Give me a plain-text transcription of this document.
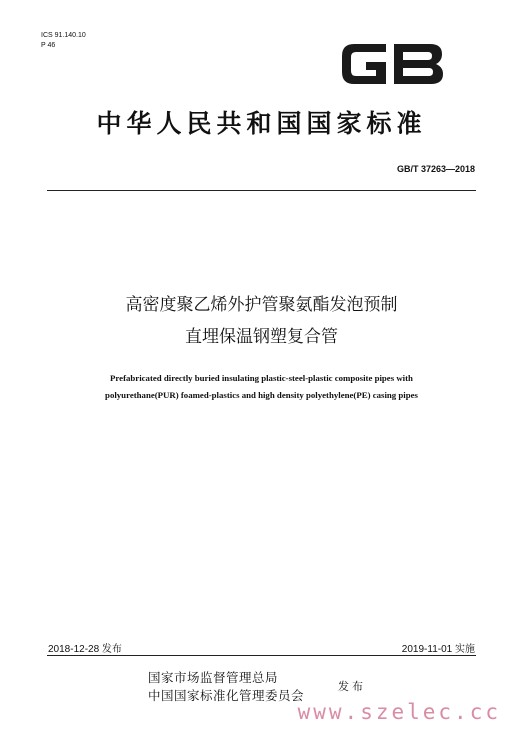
ICS 91.140.10
P 46
中华人民共和国国家标准
GB/T 37263—2018
高密度聚乙烯外护管聚氨酯发泡预制
直埋保温钢塑复合管
Prefabricated directly buried insulating plastic-steel-plastic composite pipes with
polyurethane(PUR) foamed-plastics and high density polyethylene(PE) casing pipes
2018-12-28 发布	2019-11-01 实施
国家市场监督管理总局
中国国家标准化管理委员会
发布
www.szelec.cc
